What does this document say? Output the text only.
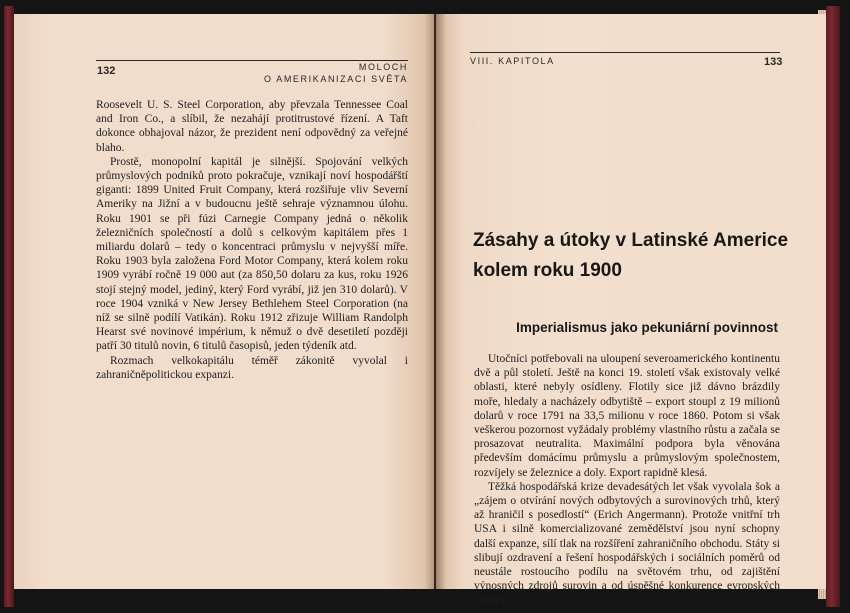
132	MOLOCH
O AMERIKANIZACI SVĚTA

Roosevelt U. S. Steel Corporation, aby převzala Tennessee Coal and Iron Co., a slíbil, že nezahájí protitrustové řízení. A Taft dokonce obhajoval názor, že prezident není odpovědný za veřejné blaho.

Prostě, monopolní kapitál je silnější. Spojování velkých průmyslových podniků proto pokračuje, vznikají noví hospodářští giganti: 1899 United Fruit Company, která rozšiřuje vliv Severní Ameriky na Jižní a v budoucnu ještě sehraje významnou úlohu. Roku 1901 se při fúzi Carnegie Company jedná o několik železničních společností a dolů s celkovým kapitálem přes 1 miliardu dolarů – tedy o koncentraci průmyslu v nejvyšší míře. Roku 1903 byla založena Ford Motor Company, která kolem roku 1909 vyrábí ročně 19 000 aut (za 850,50 dolaru za kus, roku 1926 stojí stejný model, jediný, který Ford vyrábí, již jen 310 dolarů). V roce 1904 vzniká v New Jersey Bethlehem Steel Corporation (na níž se silně podílí Vatikán). Roku 1912 zřizuje William Randolph Hearst své novinové impérium, k němuž o dvě desetiletí později patří 30 titulů novin, 6 titulů časopisů, jeden týdeník atd.

Rozmach velkokapitálu téměř zákonitě vyvolal i zahraničněpolitickou expanzi.

VIII. KAPITOLA	133
Zásahy a útoky v Latinské Americe kolem roku 1900
Imperialismus jako pekuniární povinnost

Utočníci potřebovali na uloupení severoamerického kontinentu dvě a půl století. Ještě na konci 19. století však existovaly velké oblasti, které nebyly osídleny. Flotily sice již dávno brázdily moře, hledaly a nacházely odbytiště – export stoupl z 19 milionů dolarů v roce 1791 na 33,5 milionu v roce 1860. Potom si však veškerou pozornost vyžádaly problémy vlastního růstu a začala se prosazovat neutralita. Maximální podpora byla věnována především domácímu průmyslu a průmyslovým společnostem, rozvíjely se železnice a doly. Export rapidně klesá.

Těžká hospodářská krize devadesátých let však vyvolala šok a „zájem o otvírání nových odbytových a surovinových trhů, který až hraničil s posedlostí“ (Erich Angermann). Protože vnitřní trh USA i silně komercializované zemědělství jsou nyní schopny další expanze, sílí tlak na rozšíření zahraničního obchodu. Státy si slibují ozdravení a řešení hospodářských i sociálních poměrů od neustále rostoucího podílu na světovém trhu, od zajištění výnosných zdrojů surovin a od úspěšné konkurence evropských zemích.
